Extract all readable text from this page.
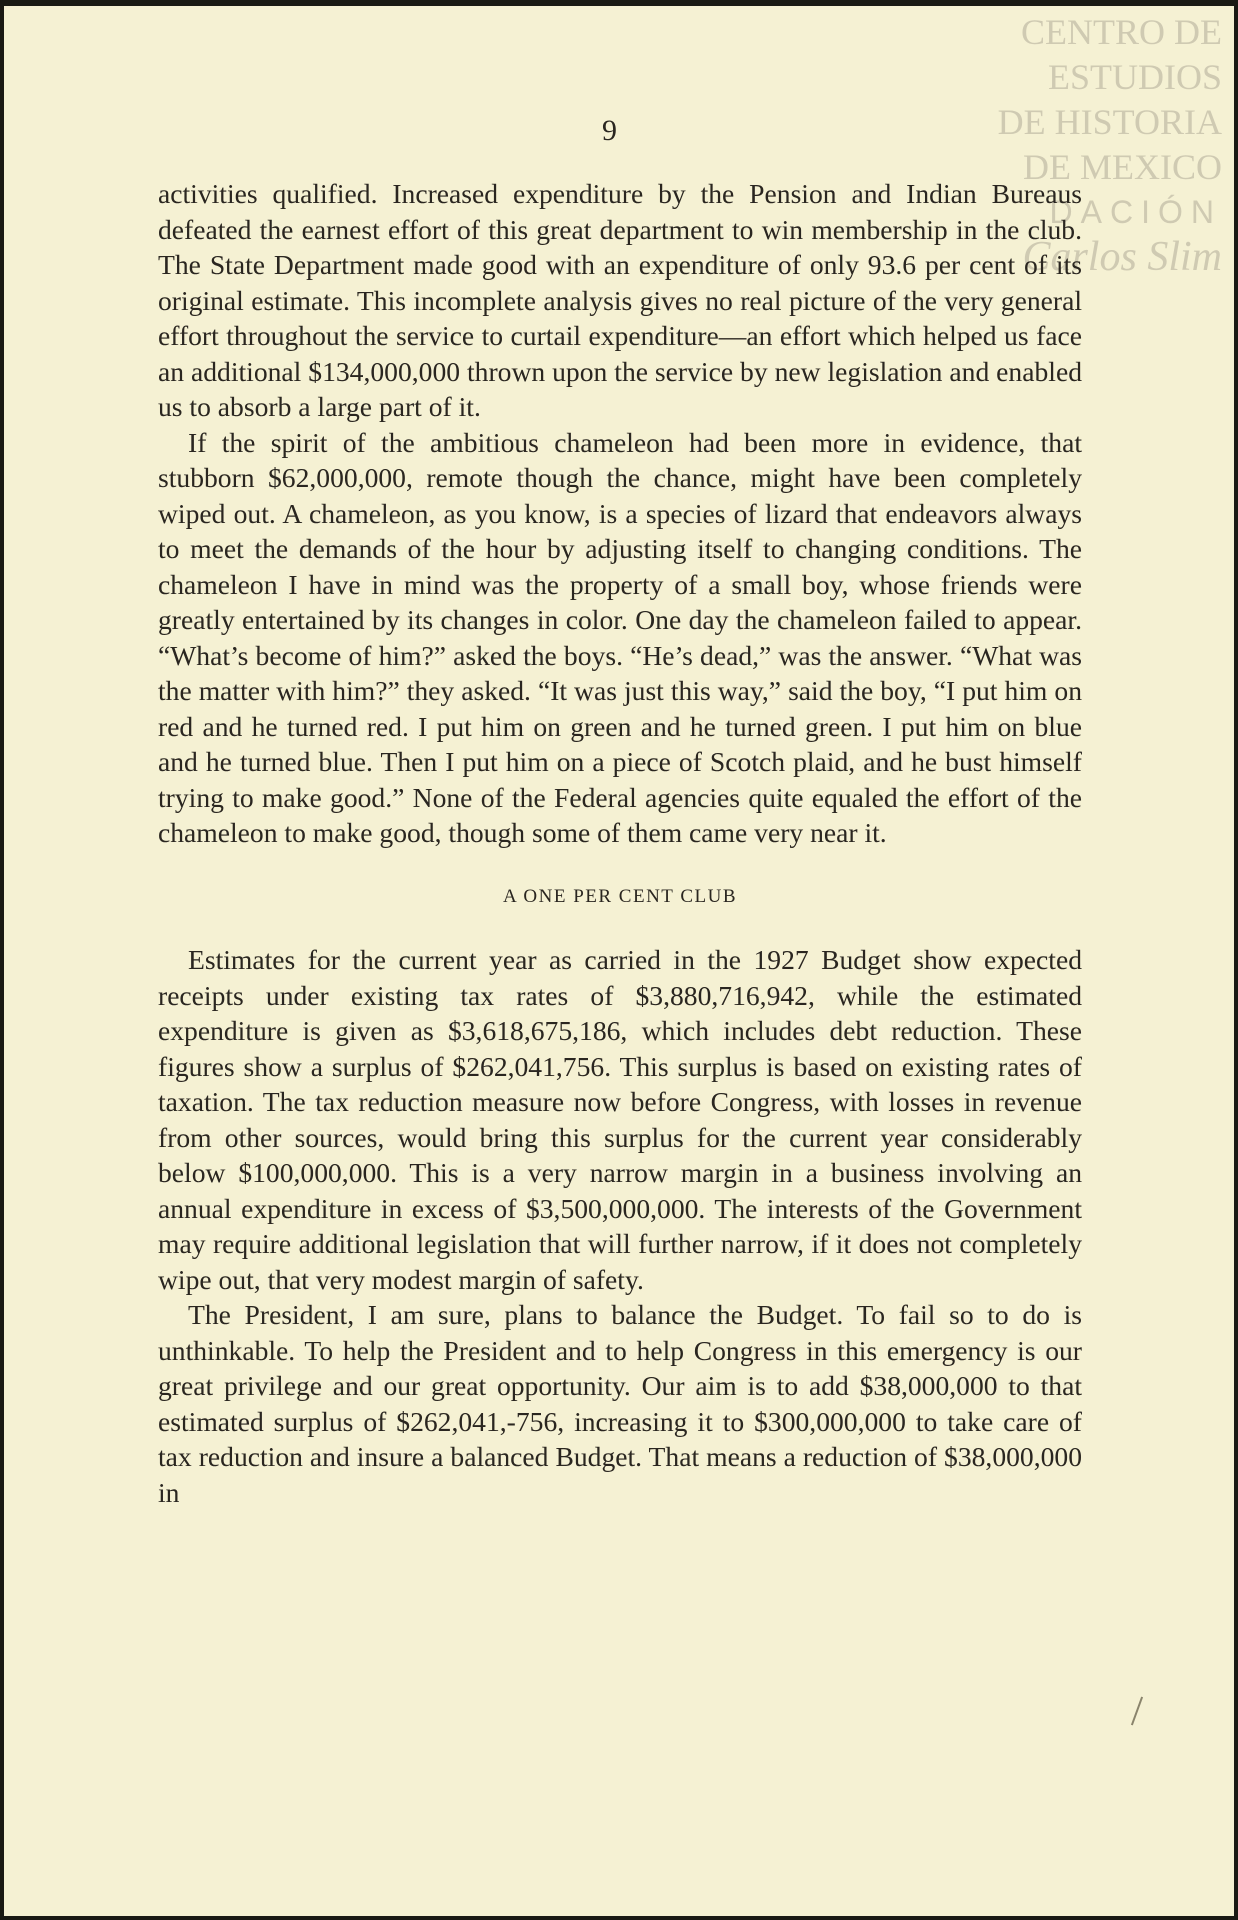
CENTRO DE
ESTUDIOS
DE HISTORIA
DE MEXICO
DACIÓN
Carlos Slim
9

activities qualified. Increased expenditure by the Pension and Indian Bureaus defeated the earnest effort of this great department to win membership in the club. The State Department made good with an expenditure of only 93.6 per cent of its original estimate. This incomplete analysis gives no real picture of the very general effort throughout the service to curtail expenditure—an effort which helped us face an additional $134,000,000 thrown upon the service by new legislation and enabled us to absorb a large part of it.

If the spirit of the ambitious chameleon had been more in evidence, that stubborn $62,000,000, remote though the chance, might have been completely wiped out. A chameleon, as you know, is a species of lizard that endeavors always to meet the demands of the hour by adjusting itself to changing conditions. The chameleon I have in mind was the property of a small boy, whose friends were greatly entertained by its changes in color. One day the chameleon failed to appear. “What’s become of him?” asked the boys. “He’s dead,” was the answer. “What was the matter with him?” they asked. “It was just this way,” said the boy, “I put him on red and he turned red. I put him on green and he turned green. I put him on blue and he turned blue. Then I put him on a piece of Scotch plaid, and he bust himself trying to make good.” None of the Federal agencies quite equaled the effort of the chameleon to make good, though some of them came very near it.

A ONE PER CENT CLUB

Estimates for the current year as carried in the 1927 Budget show expected receipts under existing tax rates of $3,880,716,942, while the estimated expenditure is given as $3,618,675,186, which includes debt reduction. These figures show a surplus of $262,041,756. This surplus is based on existing rates of taxation. The tax reduction measure now before Congress, with losses in revenue from other sources, would bring this surplus for the current year considerably below $100,000,000. This is a very narrow margin in a business involving an annual expenditure in excess of $3,500,000,000. The interests of the Government may require additional legislation that will further narrow, if it does not completely wipe out, that very modest margin of safety.

The President, I am sure, plans to balance the Budget. To fail so to do is unthinkable. To help the President and to help Congress in this emergency is our great privilege and our great opportunity. Our aim is to add $38,000,000 to that estimated surplus of $262,041,-756, increasing it to $300,000,000 to take care of tax reduction and insure a balanced Budget. That means a reduction of $38,000,000 in
